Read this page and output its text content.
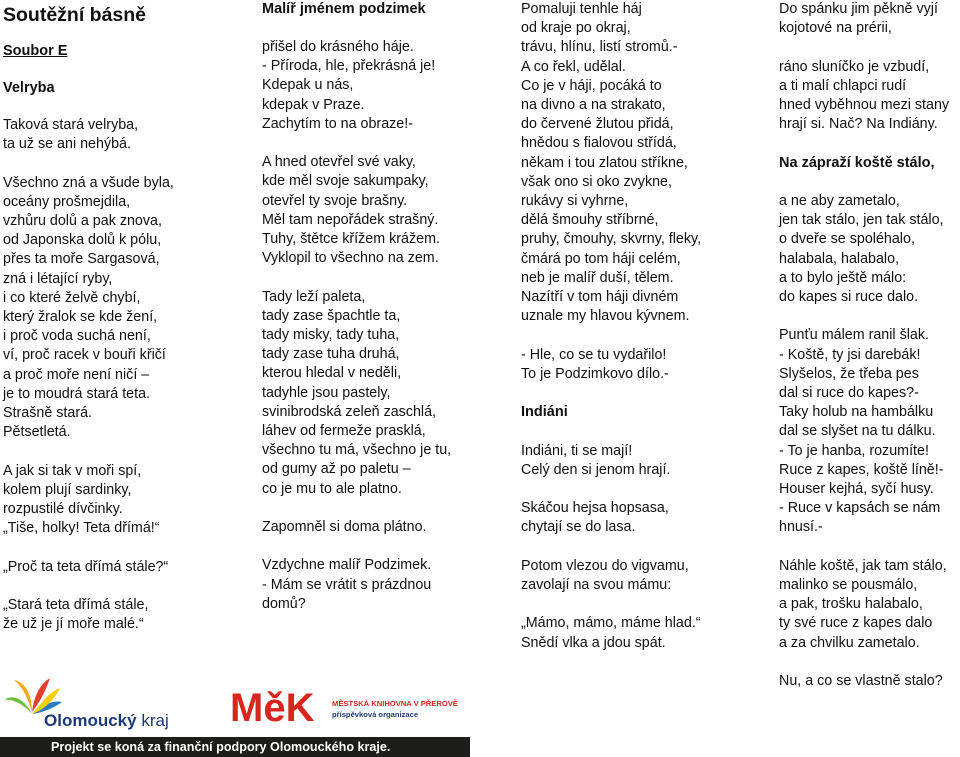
Soutěžní básně
Soubor E
Velryba
Taková stará velryba,
ta už se ani nehýbá.
Všechno zná a všude byla,
oceány prošmejdila,
vzhůru dolů a pak znova,
od Japonska dolů k pólu,
přes ta moře Sargasová,
zná i létající ryby,
i co které želvě chybí,
který žralok se kde žení,
i proč voda suchá není,
ví, proč racek v bouři křičí
a proč moře není ničí –
je to moudrá stará teta.
Strašně stará.
Pětsetletá.
A jak si tak v moři spí,
kolem plují sardinky,
rozpustilé dívčinky.
„Tiše, holky! Teta dřímá!“
„Proč ta teta dřímá stále?“
„Stará teta dřímá stále,
že už je jí moře malé.“
Malíř jménem podzimek
přišel do krásného háje.
- Příroda, hle, překrásná je!
Kdepak u nás,
kdepak v Praze.
Zachytím to na obraze!-
A hned otevřel své vaky,
kde měl svoje sakumpaky,
otevřel ty svoje brašny.
Měl tam nepořádek strašný.
Tuhy, štětce křížem krážem.
Vyklopil to všechno na zem.
Tady leží paleta,
tady zase špachtle ta,
tady misky, tady tuha,
tady zase tuha druhá,
kterou hledal v neděli,
tadyhle jsou pastely,
svinibrodská zeleň zaschlá,
láhev od fermeže prasklá,
všechno tu má, všechno je tu,
od gumy až po paletu –
co je mu to ale platno.
Zapomněl si doma plátno.
Vzdychne malíř Podzimek.
- Mám se vrátit s prázdnou
domů?
Pomaluji tenhle háj
od kraje po okraj,
trávu, hlínu, listí stromů.-
A co řekl, udělal.
Co je v háji, pocáká to
na divno a na strakato,
do červené žlutou přidá,
hnědou s fialovou střídá,
někam i tou zlatou stříkne,
však ono si oko zvykne,
rukávy si vyhrne,
dělá šmouhy stříbrné,
pruhy, čmouhy, skvrny, fleky,
čmárá po tom háji celém,
neb je malíř duší, tělem.
Nazítří v tom háji divném
uznale my hlavou kývnem.
- Hle, co se tu vydařilo!
To je Podzimkovo dílo.-
Indiáni
Indiáni, ti se mají!
Celý den si jenom hrají.
Skáčou hejsa hopsasa,
chytají se do lasa.
Potom vlezou do vigvamu,
zavolají na svou mámu:
„Mámo, mámo, máme hlad.“
Snědí vlka a jdou spát.
Do spánku jim pěkně vyjí
kojotové na prérii,
ráno sluníčko je vzbudí,
a ti malí chlapci rudí
hned vyběhnou mezi stany
hrají si. Nač? Na Indiány.
Na zápraží koště stálo,
a ne aby zametalo,
jen tak stálo, jen tak stálo,
o dveře se spoléhalo,
halabala, halabalo,
a to bylo ještě málo:
do kapes si ruce dalo.
Punťu málem ranil šlak.
- Koště, ty jsi darebák!
Slyšelos, že třeba pes
dal si ruce do kapes?-
Taky holub na hambálku
dal se slyšet na tu dálku.
- To je hanba, rozumíte!
Ruce z kapes, koště líně!-
Houser kejhá, syčí husy.
- Ruce v kapsách se nám
hnusí.-
Náhle koště, jak tam stálo,
malinko se pousmálo,
a pak, trošku halabalo,
ty své ruce z kapes dalo
a za chvilku zametalo.
Nu, a co se vlastně stalo?
Olomoucký kraj MěK MĚSTSKÁ KNIHOVNA V PŘEROVĚ
příspěvková organizace
Projekt se koná za finanční podpory Olomouckého kraje.
